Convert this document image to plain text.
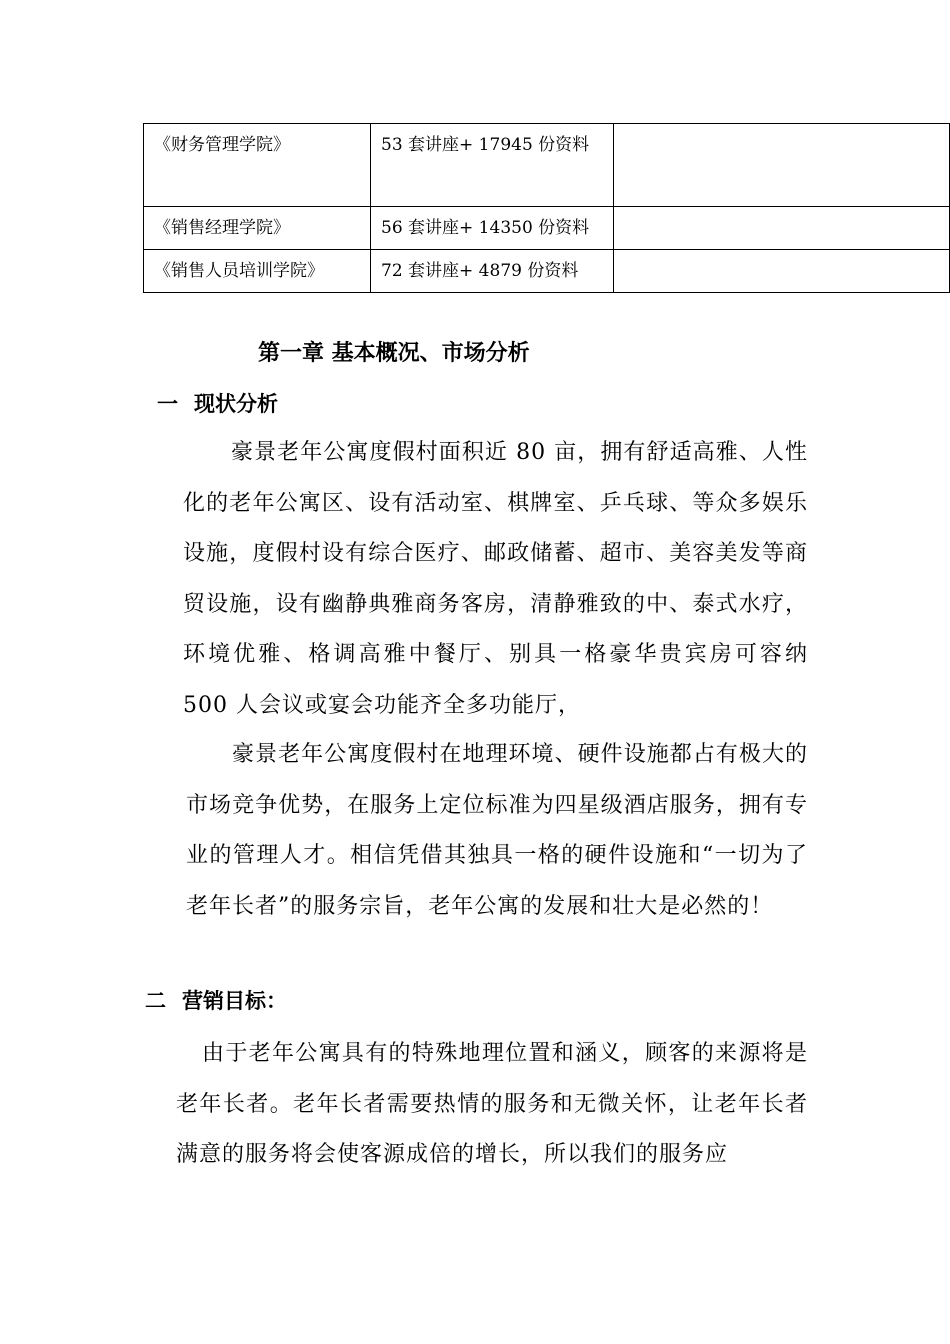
《财务管理学院》	53 套讲座+ 17945 份资料	
《销售经理学院》	56 套讲座+ 14350 份资料	
《销售人员培训学院》	72 套讲座+ 4879 份资料	
第一章 基本概况、市场分析
一 现状分析

豪景老年公寓度假村面积近 80 亩，拥有舒适高雅、人性化的老年公寓区、设有活动室、棋牌室、乒乓球、等众多娱乐设施，度假村设有综合医疗、邮政储蓄、超市、美容美发等商贸设施，设有幽静典雅商务客房，清静雅致的中、泰式水疗，环境优雅、格调高雅中餐厅、别具一格豪华贵宾房可容纳 500 人会议或宴会功能齐全多功能厅，

豪景老年公寓度假村在地理环境、硬件设施都占有极大的市场竞争优势，在服务上定位标准为四星级酒店服务，拥有专业的管理人才。相信凭借其独具一格的硬件设施和“一切为了老年长者”的服务宗旨，老年公寓的发展和壮大是必然的！

二 营销目标：

由于老年公寓具有的特殊地理位置和涵义，顾客的来源将是老年长者。老年长者需要热情的服务和无微关怀，让老年长者满意的服务将会使客源成倍的增长，所以我们的服务应
